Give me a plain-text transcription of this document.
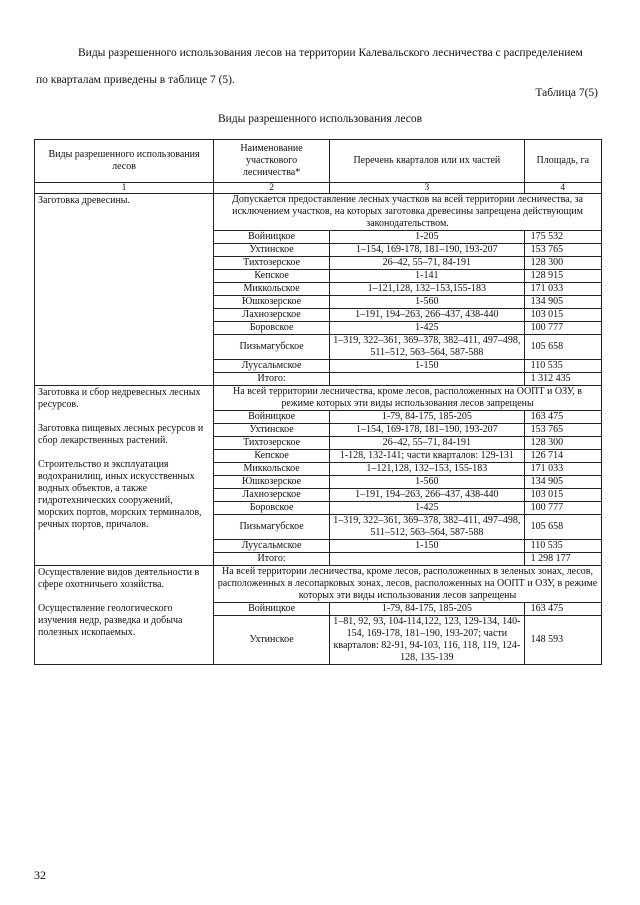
Виды разрешенного использования лесов на территории Калевальского лесничества с распределением по кварталам приведены в таблице 7 (5).
Таблица 7(5)
Виды разрешенного использования лесов
Виды разрешенного использования лесов	Наименование участкового лесничества*	Перечень кварталов или их частей	Площадь, га
1	2	3	4

Заготовка древесины.	Допускается предоставление лесных участков на всей территории лесничества, за исключением участков, на которых заготовка древесины запрещена действующим законодательством.		
	Войницкое	1-205	175 532
	Ухтинское	1–154, 169-178, 181–190, 193-207	153 765
	Тихтозерское	26–42, 55–71, 84-191	128 300
	Кепское	1-141	128 915
	Миккольское	1–121,128, 132–153,155-183	171 033
	Юшкозерское	1-560	134 905
	Лахнозерское	1–191, 194–263, 266–437, 438-440	103 015
	Боровское	1-425	100 777
	Пизьмагубское	1–319, 322–361, 369–378, 382–411, 497–498, 511–512, 563–564, 587-588	105 658
	Луусальмское	1-150	110 535
	Итого:		1 312 435

Заготовка и сбор недревесных лесных ресурсов.
Заготовка пищевых лесных ресурсов и сбор лекарственных растений.
Строительство и эксплуатация водохранилищ, иных искусственных водных объектов, а также гидротехнических сооружений, морских портов, морских терминалов, речных портов, причалов.	На всей территории лесничества, кроме лесов, расположенных на ООПТ и ОЗУ, в режиме которых эти виды использования лесов запрещены		
	Войницкое	1-79, 84-175, 185-205	163 475
	Ухтинское	1–154, 169-178, 181–190, 193-207	153 765
	Тихтозерское	26–42, 55–71, 84-191	128 300
	Кепское	1-128, 132-141; части кварталов: 129-131	126 714
	Миккольское	1–121,128, 132–153, 155-183	171 033
	Юшкозерское	1-560	134 905
	Лахнозерское	1–191, 194–263, 266–437, 438-440	103 015
	Боровское	1-425	100 777
	Пизьмагубское	1–319, 322–361, 369–378, 382–411, 497–498, 511–512, 563–564, 587-588	105 658
	Луусальмское	1-150	110 535
	Итого:		1 298 177

Осуществление видов деятельности в сфере охотничьего хозяйства.
Осуществление геологического изучения недр, разведка и добыча полезных ископаемых.	На всей территории лесничества, кроме лесов, расположенных в зеленых зонах, лесов, расположенных в лесопарковых зонах, лесов, расположенных на ООПТ и ОЗУ, в режиме которых эти виды использования лесов запрещены		
	Войницкое	1-79, 84-175, 185-205	163 475
	Ухтинское	1–81, 92, 93, 104-114,122, 123, 129-134, 140-154, 169-178, 181–190, 193-207; части кварталов: 82-91, 94-103, 116, 118, 119, 124-128, 135-139	148 593
32
